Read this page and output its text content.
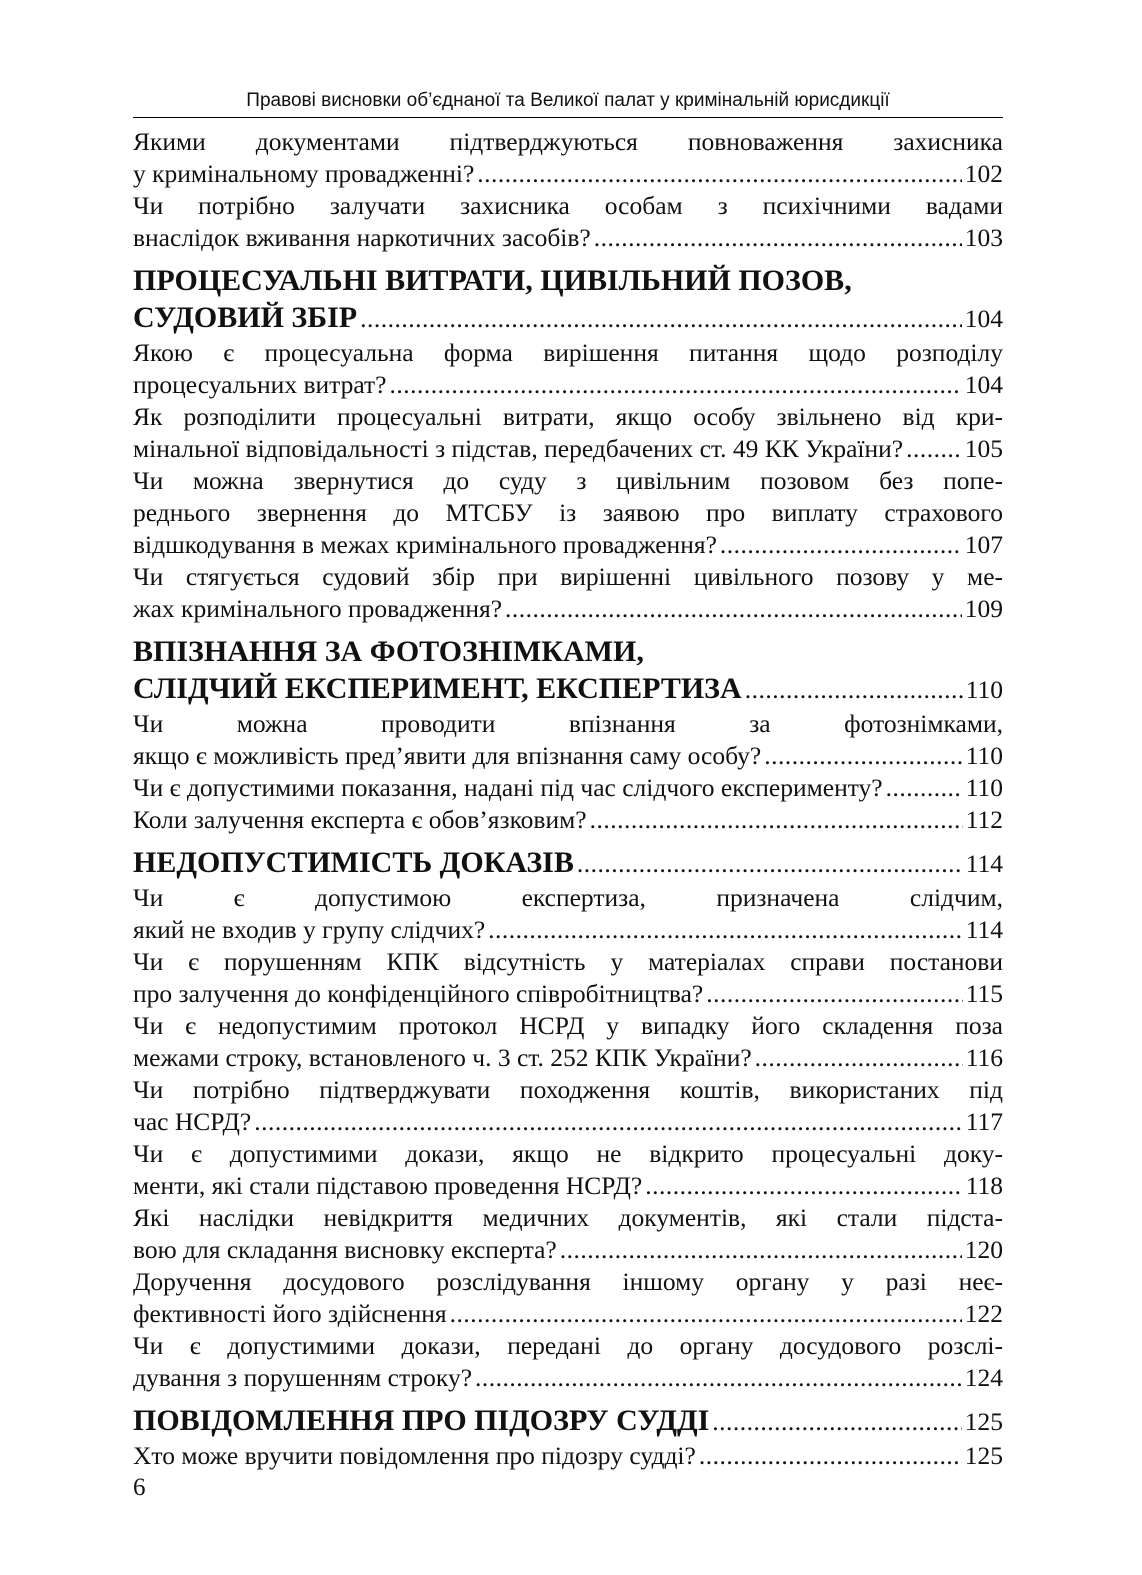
Правові висновки об’єднаної та Великої палат у кримінальній юрисдикції
Якими документами підтверджуються повноваження захисника
у кримінальному провадженні? .....	102
Чи потрібно залучати захисника особам з психічними вадами
внаслідок вживання наркотичних засобів? .....	103
ПРОЦЕСУАЛЬНІ ВИТРАТИ, ЦИВІЛЬНИЙ ПОЗОВ,
СУДОВИЙ ЗБІР .....	104
Якою є процесуальна форма вирішення питання щодо розподілу
процесуальних витрат? .....	104
Як розподілити процесуальні витрати, якщо особу звільнено від кри-
мінальної відповідальності з підстав, передбачених ст. 49 КК України? ..... 105
Чи можна звернутися до суду з цивільним позовом без попе-
реднього звернення до МТСБУ із заявою про виплату страхового
відшкодування в межах кримінального провадження? .....	107
Чи стягується судовий збір при вирішенні цивільного позову у ме-
жах кримінального провадження? .....	109
ВПІЗНАННЯ ЗА ФОТОЗНІМКАМИ,
СЛІДЧИЙ ЕКСПЕРИМЕНТ, ЕКСПЕРТИЗА .....	110
Чи можна проводити впізнання за фотознімками,
якщо є можливість пред’явити для впізнання саму особу? .....	110
Чи є допустимими показання, надані під час слідчого експерименту? .....	110
Коли залучення експерта є обов’язковим? .....	112
НЕДОПУСТИМІСТЬ ДОКАЗІВ .....	114
Чи є допустимою експертиза, призначена слідчим,
який не входив у групу слідчих? .....	114
Чи є порушенням КПК відсутність у матеріалах справи постанови
про залучення до конфіденційного співробітництва? .....	115
Чи є недопустимим протокол НСРД у випадку його складення поза
межами строку, встановленого ч. 3 ст. 252 КПК України? .....	116
Чи потрібно підтверджувати походження коштів, використаних під
час НСРД? .....	117
Чи є допустимими докази, якщо не відкрито процесуальні доку-
менти, які стали підставою проведення НСРД? .....	118
Які наслідки невідкриття медичних документів, які стали підста-
вою для складання висновку експерта? .....	120
Доручення досудового розслідування іншому органу у разі неє-
фективності його здійснення .....	122
Чи є допустимими докази, передані до органу досудового розслі-
дування з порушенням строку? .....	124
ПОВІДОМЛЕННЯ ПРО ПІДОЗРУ СУДДІ .....	125
Хто може вручити повідомлення про підозру судді? .....	125
6
